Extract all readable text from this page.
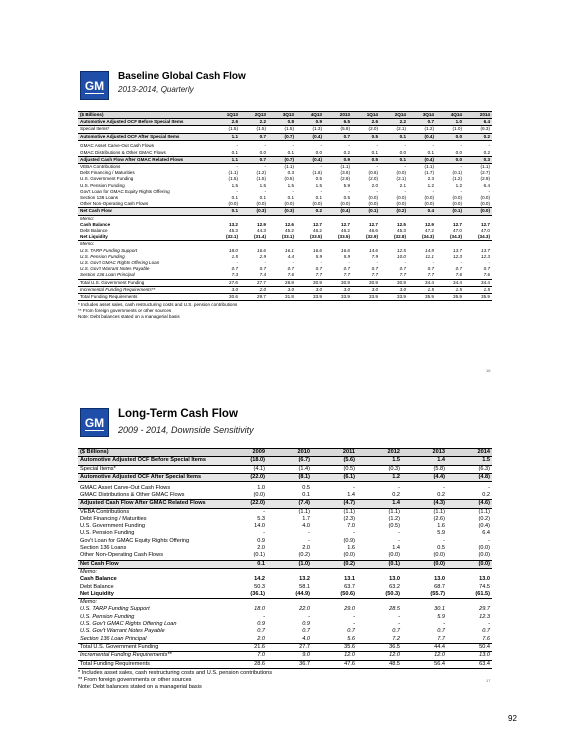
GM
Baseline Global Cash Flow
2013-2014, Quarterly
($ Billions)	1Q13	2Q13	3Q13	4Q13	2013	1Q14	2Q14	3Q14	4Q14	2014
Automotive Adjusted OCF Before Special Items	2.6	2.2	0.8	0.9	6.5	2.6	2.2	0.7	1.0	6.4
Special Items*	(1.5)	(1.5)	(1.5)	(1.3)	(5.8)	(2.0)	(2.1)	(1.2)	(1.0)	(6.3)
Automotive Adjusted OCF After Special Items	1.1	0.7	(0.7)	(0.4)	0.7	0.5	0.1	(0.4)	0.0	0.2

GMAC Asset Carve-Out Cash Flows	-	-	-	-	-	-	-	-	-	-
GMAC Distributions & Other GMAC Flows	0.1	0.0	0.1	0.0	0.2	0.1	0.0	0.1	0.0	0.2
Adjusted Cash Flow After GMAC Related Flows	1.1	0.7	(0.7)	(0.4)	0.9	0.5	0.1	(0.4)	0.0	0.3
VEBA Contributions	-	-	(1.1)	-	(1.1)	-	-	(1.1)	-	(1.1)
Debt Financing / Maturities	(1.1)	(1.2)	0.3	(1.6)	(3.6)	(0.6)	(0.0)	(1.7)	(0.1)	(2.7)
U.S. Government Funding	(1.5)	(1.5)	(0.5)	0.5	(2.9)	(2.0)	(2.1)	2.3	(1.2)	(2.9)
U.S. Pension Funding	1.5	1.5	1.5	1.5	5.9	2.0	2.1	1.2	1.2	6.4
Gov't Loan for GMAC Equity Rights Offering	-	-	-	-	-	-	-	-	-	-
Section 136 Loans	0.1	0.1	0.1	0.1	0.5	(0.0)	(0.0)	(0.0)	(0.0)	(0.0)
Other Non-Operating Cash Flows	(0.0)	(0.0)	(0.0)	(0.0)	(0.0)	(0.0)	(0.0)	(0.0)	(0.0)	(0.0)
Net Cash Flow	0.1	(0.3)	(0.3)	0.2	(0.4)	(0.1)	(0.2)	0.4	(0.1)	(0.0)
Memo:										
Cash Balance	13.2	12.9	12.6	12.7	12.7	12.7	12.5	12.9	12.7	12.7
Debt Balance	45.3	44.3	45.2	46.2	46.2	46.6	45.3	47.2	47.0	47.0
Net Liquidity	(32.1)	(31.4)	(33.1)	(33.5)	(33.5)	(32.9)	(32.8)	(34.3)	(34.3)	(34.3)
Memo:										
U.S. TARP Funding Support	18.0	16.6	16.1	16.6	16.6	14.6	12.5	14.9	13.7	13.7
U.S. Pension Funding	1.5	2.9	4.4	5.9	5.9	7.9	10.0	11.1	12.3	12.3
U.S. Gov't GMAC Rights Offering Loan	-	-	-	-	-	-	-	-	-	-
U.S. Gov't Warrant Notes Payable	0.7	0.7	0.7	0.7	0.7	0.7	0.7	0.7	0.7	0.7
Section 136 Loan Principal	7.3	7.4	7.6	7.7	7.7	7.7	7.7	7.7	7.6	7.6
Total U.S. Government Funding	27.6	27.7	28.8	30.9	30.9	30.9	30.9	34.4	34.4	34.4
Incremental Funding Requirements**	3.0	2.0	3.0	3.0	3.0	3.0	3.0	1.5	1.5	1.5
Total Funding Requirements	30.6	29.7	31.8	33.9	33.9	33.9	33.9	35.9	35.9	35.9
* Includes asset sales, cash restructuring costs and U.S. pension contributions
** From foreign governments or other sources
Note: Debt balances stated on a managerial basis
16
GM
Long-Term Cash Flow
2009 - 2014, Downside Sensitivity
($ Billions)	2009	2010	2011	2012	2013	2014
Automotive Adjusted OCF Before Special Items	(18.0)	(6.7)	(5.6)	1.5	1.4	1.5
Special Items*	(4.1)	(1.4)	(0.5)	(0.3)	(5.8)	(6.3)
Automotive Adjusted OCF After Special Items	(22.0)	(8.1)	(6.1)	1.2	(4.4)	(4.8)

GMAC Asset Carve-Out Cash Flows	1.0	0.5	-	-	-	-
GMAC Distributions & Other GMAC Flows	(0.0)	0.1	1.4	0.2	0.2	0.2
Adjusted Cash Flow After GMAC Related Flows	(22.0)	(7.4)	(4.7)	1.4	(4.3)	(4.6)
VEBA Contributions	-	(1.1)	(1.1)	(1.1)	(1.1)	(1.1)
Debt Financing / Maturities	5.3	1.7	(2.3)	(1.2)	(2.6)	(0.2)
U.S. Government Funding	14.0	4.0	7.0	(0.5)	1.6	(0.4)
U.S. Pension Funding	-	-	-	-	5.9	6.4
Gov't Loan for GMAC Equity Rights Offering	0.9	-	(0.9)	-	-	-
Section 136 Loans	2.0	2.0	1.6	1.4	0.5	(0.0)
Other Non-Operating Cash Flows	(0.1)	(0.2)	(0.0)	(0.0)	(0.0)	(0.0)
Net Cash Flow	0.1	(1.0)	(0.2)	(0.1)	(0.0)	(0.0)
Memo:						
Cash Balance	14.2	13.2	13.1	13.0	13.0	13.0
Debt Balance	50.3	58.1	63.7	63.2	68.7	74.5
Net Liquidity	(36.1)	(44.9)	(50.6)	(50.3)	(55.7)	(61.5)
Memo:						
U.S. TARP Funding Support	18.0	22.0	29.0	28.5	30.1	29.7
U.S. Pension Funding	-	-	-	-	5.9	12.3
U.S. Gov't GMAC Rights Offering Loan	0.9	0.9	-	-	-	-
U.S. Gov't Warrant Notes Payable	0.7	0.7	0.7	0.7	0.7	0.7
Section 136 Loan Principal	2.0	4.0	5.6	7.2	7.7	7.6
Total U.S. Government Funding	21.6	27.7	35.6	36.5	44.4	50.4
Incremental Funding Requirements**	7.0	9.0	12.0	12.0	12.0	13.0
Total Funding Requirements	28.6	36.7	47.6	48.5	56.4	63.4
* Includes asset sales, cash restructuring costs and U.S. pension contributions
** From foreign governments or other sources
Note: Debt balances stated on a managerial basis
17
92
